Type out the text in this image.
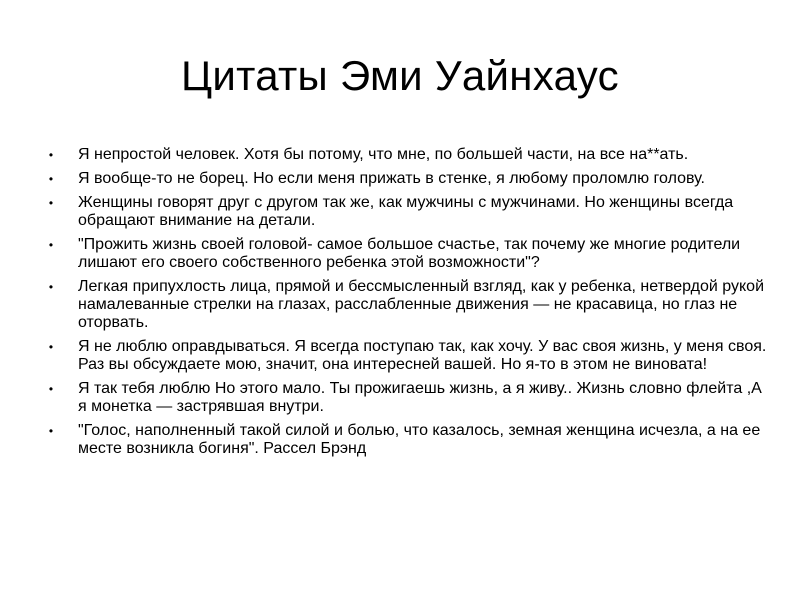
Цитаты Эми Уайнхаус
•	Я непростой человек. Хотя бы потому, что мне, по большей части, на все на**ать.
•	Я вообще-то не борец. Но если меня прижать в стенке, я любому проломлю голову.
•	Женщины говорят друг с другом так же, как мужчины с мужчинами. Но женщины всегда обращают внимание на детали.
•	"Прожить жизнь своей головой- самое большое счастье, так почему же многие родители лишают его своего собственного ребенка этой возможности"?
•	Легкая припухлость лица, прямой и бессмысленный взгляд, как у ребенка, нетвердой рукой намалеванные стрелки на глазах, расслабленные движения — не красавица, но глаз не оторвать.
•	Я не люблю оправдываться. Я всегда поступаю так, как хочу. У вас своя жизнь, у меня своя. Раз вы обсуждаете мою, значит, она интересней вашей. Но я-то в этом не виновата!
•	Я так тебя люблю Но этого мало. Ты прожигаешь жизнь, а я живу.. Жизнь словно флейта ,А я монетка — застрявшая внутри.
•	"Голос, наполненный такой силой и болью, что казалось, земная женщина исчезла, а на ее месте возникла богиня". Рассел Брэнд
